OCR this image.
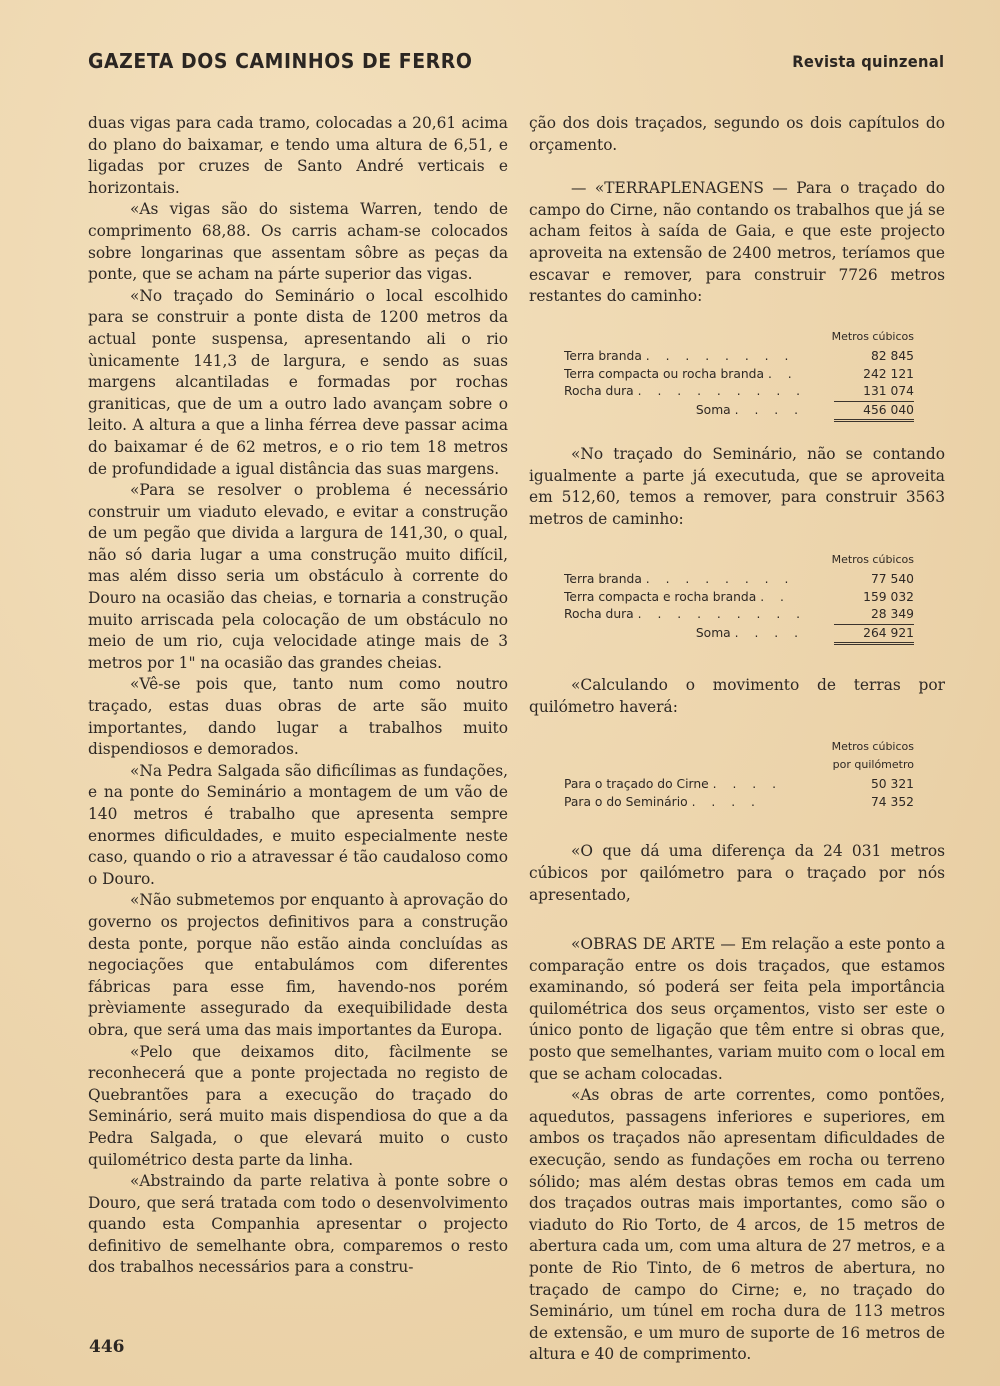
GAZETA DOS CAMINHOS DE FERRO	Revista quinzenal

duas vigas para cada tramo, colocadas a 20,61 acima do plano do baixamar, e tendo uma altura de 6,51, e ligadas por cruzes de Santo André verticais e horizontais.

«As vigas são do sistema Warren, tendo de comprimento 68,88. Os carris acham-se colocados sobre longarinas que assentam sôbre as peças da ponte, que se acham na párte superior das vigas.

«No traçado do Seminário o local escolhido para se construir a ponte dista de 1200 metros da actual ponte suspensa, apresentando ali o rio ùnicamente 141,3 de largura, e sendo as suas margens alcantiladas e formadas por rochas graniticas, que de um a outro lado avançam sobre o leito. A altura a que a linha férrea deve passar acima do baixamar é de 62 metros, e o rio tem 18 metros de profundidade a igual distância das suas margens.

«Para se resolver o problema é necessário construir um viaduto elevado, e evitar a construção de um pegão que divida a largura de 141,30, o qual, não só daria lugar a uma construção muito difícil, mas além disso seria um obstáculo à corrente do Douro na ocasião das cheias, e tornaria a construção muito arriscada pela colocação de um obstáculo no meio de um rio, cuja velocidade atinge mais de 3 metros por 1" na ocasião das grandes cheias.

«Vê-se pois que, tanto num como noutro traçado, estas duas obras de arte são muito importantes, dando lugar a trabalhos muito dispendiosos e demorados.

«Na Pedra Salgada são dificílimas as fundações, e na ponte do Seminário a montagem de um vão de 140 metros é trabalho que apresenta sempre enormes dificuldades, e muito especialmente neste caso, quando o rio a atravessar é tão caudaloso como o Douro.

«Não submetemos por enquanto à aprovação do governo os projectos definitivos para a construção desta ponte, porque não estão ainda concluídas as negociações que entabulámos com diferentes fábricas para esse fim, havendo-nos porém prèviamente assegurado da exequibilidade desta obra, que será uma das mais importantes da Europa.

«Pelo que deixamos dito, fàcilmente se reconhecerá que a ponte projectada no registo de Quebrantões para a execução do traçado do Seminário, será muito mais dispendiosa do que a da Pedra Salgada, o que elevará muito o custo quilométrico desta parte da linha.

«Abstraindo da parte relativa à ponte sobre o Douro, que será tratada com todo o desenvolvimento quando esta Companhia apresentar o projecto definitivo de semelhante obra, comparemos o resto dos trabalhos necessários para a constru-

ção dos dois traçados, segundo os dois capítulos do orçamento.

— «TERRAPLENAGENS — Para o traçado do campo do Cirne, não contando os trabalhos que já se acham feitos à saída de Gaia, e que este projecto aproveita na extensão de 2400 metros, teríamos que escavar e remover, para construir 7726 metros restantes do caminho:

Metros cúbicos
Terra branda . . . . . . . .	82 845
Terra compacta ou rocha branda . .	242 121
Rocha dura . . . . . . . . .	131 074
Soma . . . .	456 040

«No traçado do Seminário, não se contando igualmente a parte já executuda, que se aproveita em 512,60, temos a remover, para construir 3563 metros de caminho:

Metros cúbicos
Terra branda . . . . . . . .	77 540
Terra compacta e rocha branda . .	159 032
Rocha dura . . . . . . . . .	28 349
Soma . . . .	264 921

«Calculando o movimento de terras por quilómetro haverá:

Metros cúbicos
por quilómetro
Para o traçado do Cirne . . . .	50 321
Para o do Seminário . . . .	74 352

«O que dá uma diferença da 24 031 metros cúbicos por qailómetro para o traçado por nós apresentado,

«OBRAS DE ARTE — Em relação a este ponto a comparação entre os dois traçados, que estamos examinando, só poderá ser feita pela importância quilométrica dos seus orçamentos, visto ser este o único ponto de ligação que têm entre si obras que, posto que semelhantes, variam muito com o local em que se acham colocadas.

«As obras de arte correntes, como pontões, aquedutos, passagens inferiores e superiores, em ambos os traçados não apresentam dificuldades de execução, sendo as fundações em rocha ou terreno sólido; mas além destas obras temos em cada um dos traçados outras mais importantes, como são o viaduto do Rio Torto, de 4 arcos, de 15 metros de abertura cada um, com uma altura de 27 metros, e a ponte de Rio Tinto, de 6 metros de abertura, no traçado de campo do Cirne; e, no traçado do Seminário, um túnel em rocha dura de 113 metros de extensão, e um muro de suporte de 16 metros de altura e 40 de comprimento.

446
